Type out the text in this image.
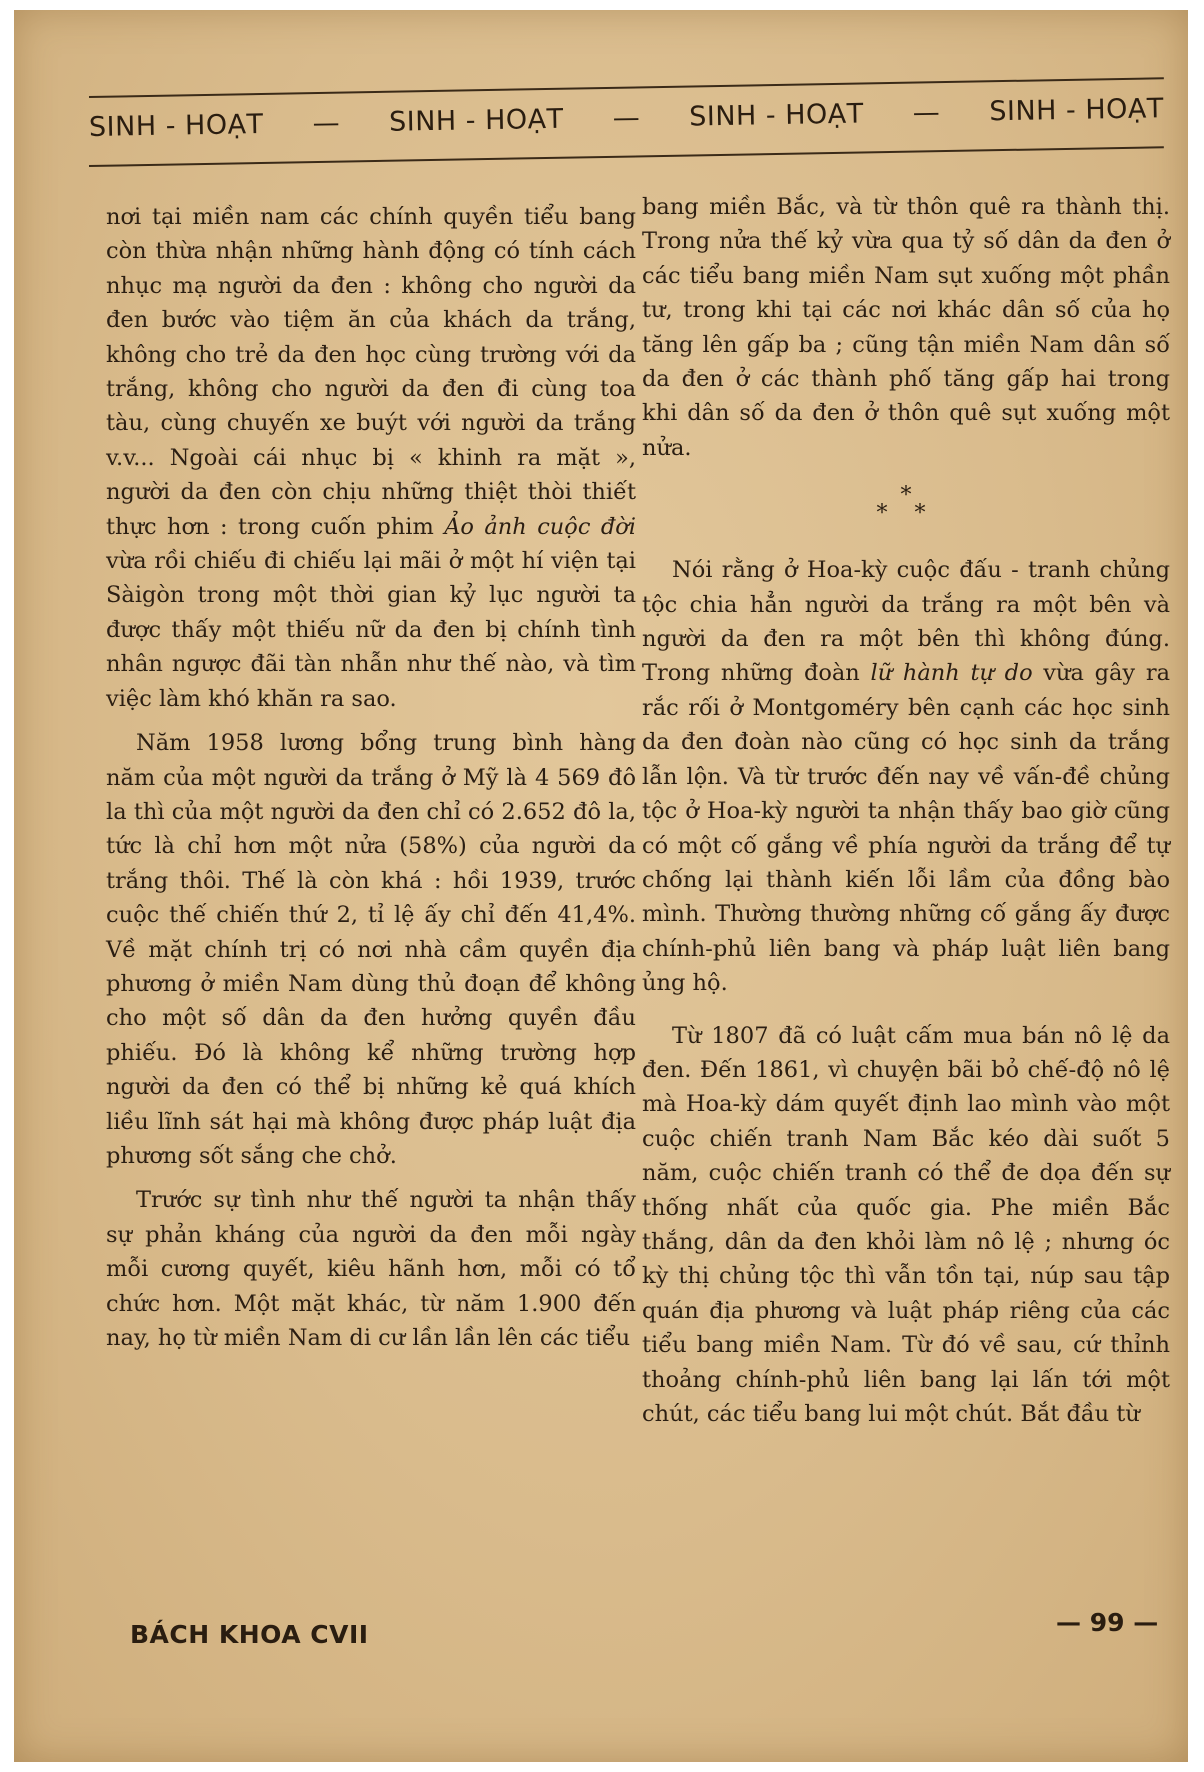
SINH - HOẠT — SINH - HOẠT — SINH - HOẠT — SINH - HOẠT

nơi tại miền nam các chính quyền tiểu bang còn thừa nhận những hành động có tính cách nhục mạ người da đen : không cho người da đen bước vào tiệm ăn của khách da trắng, không cho trẻ da đen học cùng trường với da trắng, không cho người da đen đi cùng toa tàu, cùng chuyến xe buýt với người da trắng v.v... Ngoài cái nhục bị « khinh ra mặt », người da đen còn chịu những thiệt thòi thiết thực hơn : trong cuốn phim Ảo ảnh cuộc đời vừa rồi chiếu đi chiếu lại mãi ở một hí viện tại Sàigòn trong một thời gian kỷ lục người ta được thấy một thiếu nữ da đen bị chính tình nhân ngược đãi tàn nhẫn như thế nào, và tìm việc làm khó khăn ra sao.

Năm 1958 lương bổng trung bình hàng năm của một người da trắng ở Mỹ là 4 569 đô la thì của một người da đen chỉ có 2.652 đô la, tức là chỉ hơn một nửa (58%) của người da trắng thôi. Thế là còn khá : hồi 1939, trước cuộc thế chiến thứ 2, tỉ lệ ấy chỉ đến 41,4%. Về mặt chính trị có nơi nhà cầm quyền địa phương ở miền Nam dùng thủ đoạn để không cho một số dân da đen hưởng quyền đầu phiếu. Đó là không kể những trường hợp người da đen có thể bị những kẻ quá khích liều lĩnh sát hại mà không được pháp luật địa phương sốt sắng che chở.

Trước sự tình như thế người ta nhận thấy sự phản kháng của người da đen mỗi ngày mỗi cương quyết, kiêu hãnh hơn, mỗi có tổ chức hơn. Một mặt khác, từ năm 1.900 đến nay, họ từ miền Nam di cư lần lần lên các tiểu

bang miền Bắc, và từ thôn quê ra thành thị. Trong nửa thế kỷ vừa qua tỷ số dân da đen ở các tiểu bang miền Nam sụt xuống một phần tư, trong khi tại các nơi khác dân số của họ tăng lên gấp ba ; cũng tận miền Nam dân số da đen ở các thành phố tăng gấp hai trong khi dân số da đen ở thôn quê sụt xuống một nửa.

*
* *

Nói rằng ở Hoa-kỳ cuộc đấu - tranh chủng tộc chia hẳn người da trắng ra một bên và người da đen ra một bên thì không đúng. Trong những đoàn lữ hành tự do vừa gây ra rắc rối ở Montgoméry bên cạnh các học sinh da đen đoàn nào cũng có học sinh da trắng lẫn lộn. Và từ trước đến nay về vấn-đề chủng tộc ở Hoa-kỳ người ta nhận thấy bao giờ cũng có một cố gắng về phía người da trắng để tự chống lại thành kiến lỗi lầm của đồng bào mình. Thường thường những cố gắng ấy được chính-phủ liên bang và pháp luật liên bang ủng hộ.

Từ 1807 đã có luật cấm mua bán nô lệ da đen. Đến 1861, vì chuyện bãi bỏ chế-độ nô lệ mà Hoa-kỳ dám quyết định lao mình vào một cuộc chiến tranh Nam Bắc kéo dài suốt 5 năm, cuộc chiến tranh có thể đe dọa đến sự thống nhất của quốc gia. Phe miền Bắc thắng, dân da đen khỏi làm nô lệ ; nhưng óc kỳ thị chủng tộc thì vẫn tồn tại, núp sau tập quán địa phương và luật pháp riêng của các tiểu bang miền Nam. Từ đó về sau, cứ thỉnh thoảng chính-phủ liên bang lại lấn tới một chút, các tiểu bang lui một chút. Bắt đầu từ

BÁCH KHOA CVII	— 99 —
